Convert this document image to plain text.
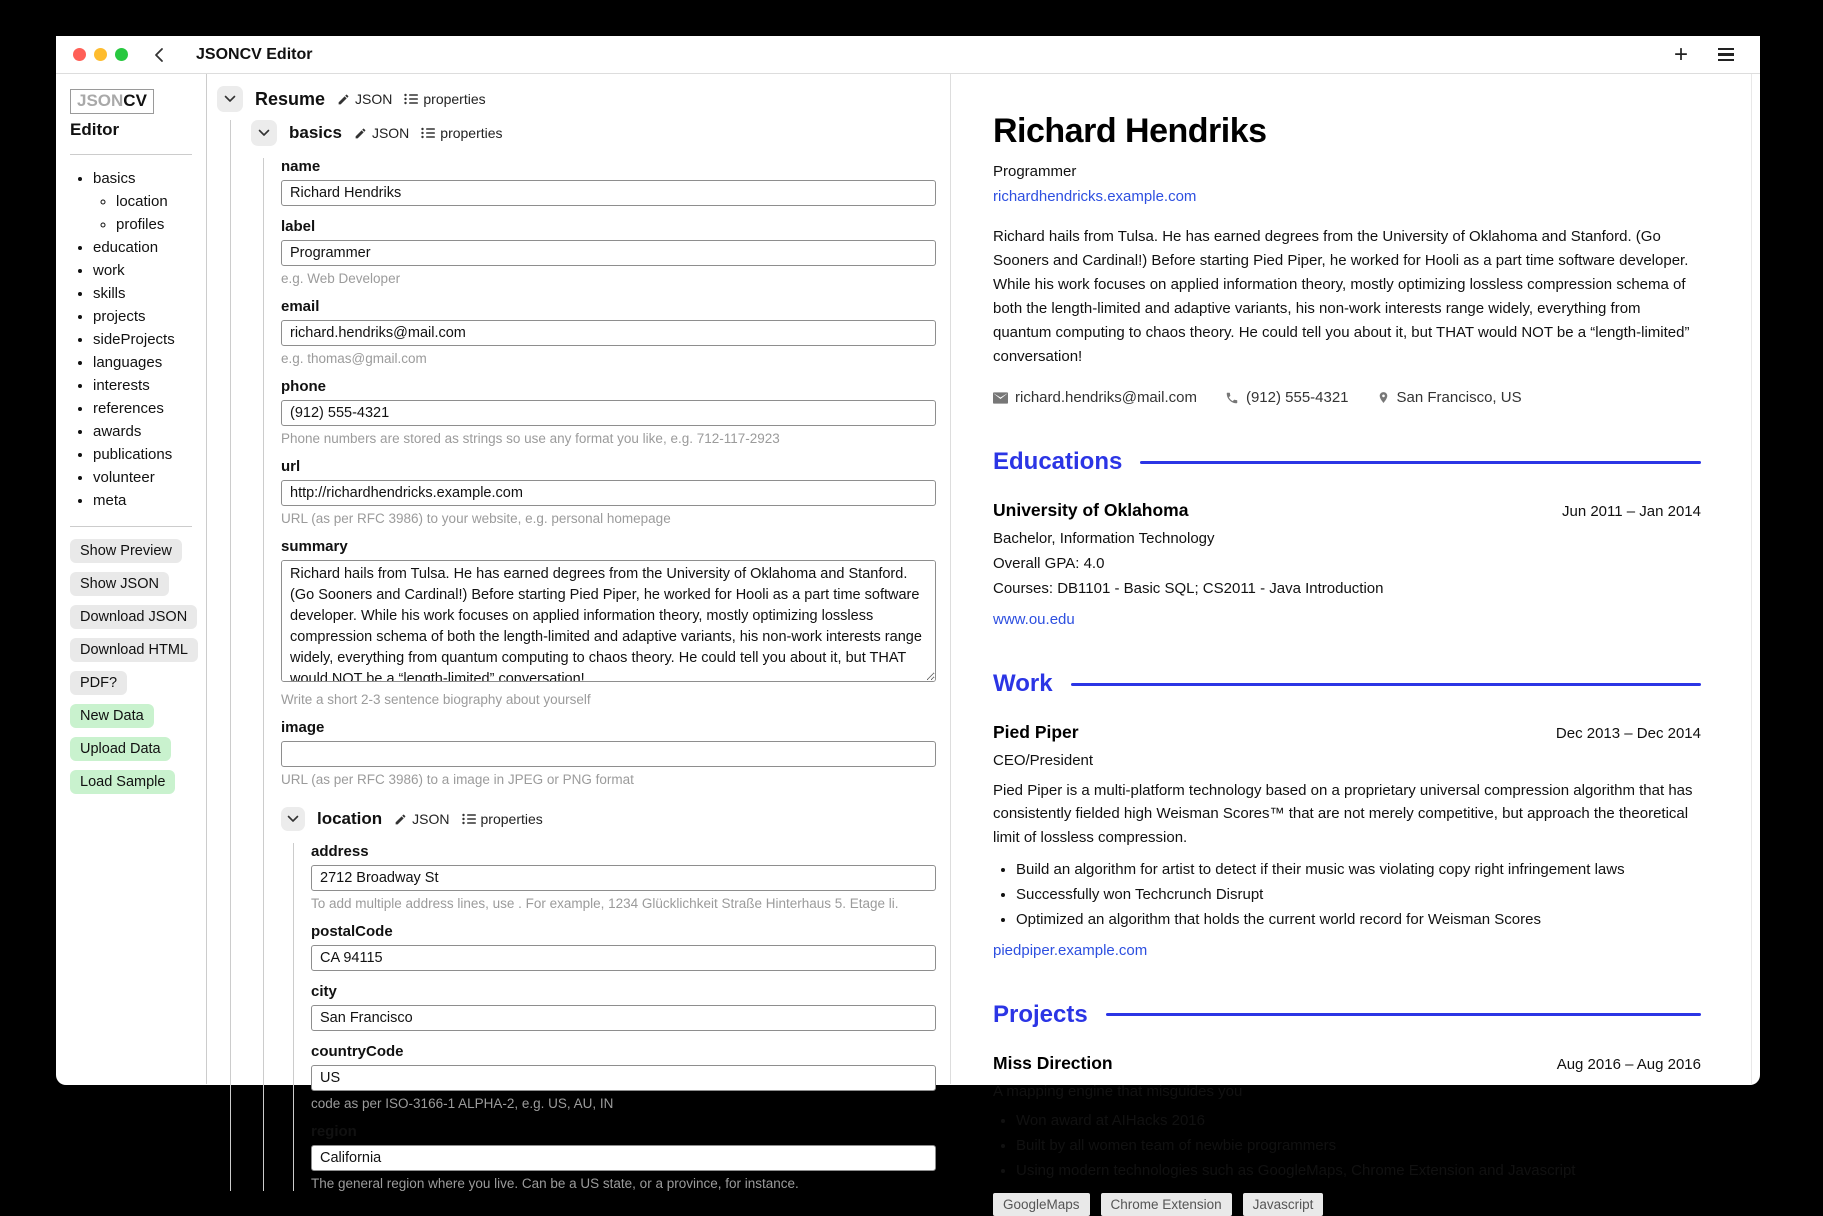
JSONCV Editor	+
JSONCV
Editor
• basics
◦ location
◦ profiles
• education
• work
• skills
• projects
• sideProjects
• languages
• interests
• references
• awards
• publications
• volunteer
• meta
Show Preview
Show JSON
Download JSON
Download HTML
PDF?
New Data
Upload Data
Load Sample
Resume JSON properties
basics JSON properties
name
Richard Hendriks
label
Programmer
e.g. Web Developer
email
richard.hendriks@mail.com
e.g. thomas@gmail.com
phone
(912) 555-4321
Phone numbers are stored as strings so use any format you like, e.g. 712-117-2923
url
http://richardhendricks.example.com
URL (as per RFC 3986) to your website, e.g. personal homepage
summary
Richard hails from Tulsa. He has earned degrees from the University of Oklahoma and Stanford. (Go Sooners and Cardinal!) Before starting Pied Piper, he worked for Hooli as a part time software developer. While his work focuses on applied information theory, mostly optimizing lossless compression schema of both the length-limited and adaptive variants, his non-work interests range widely, everything from quantum computing to chaos theory. He could tell you about it, but THAT would NOT be a “length-limited” conversation!
Write a short 2-3 sentence biography about yourself
image
URL (as per RFC 3986) to a image in JPEG or PNG format
location JSON properties
address
2712 Broadway St
To add multiple address lines, use . For example, 1234 Glücklichkeit Straße Hinterhaus 5. Etage li.
postalCode
CA 94115
city
San Francisco
countryCode
US
code as per ISO-3166-1 ALPHA-2, e.g. US, AU, IN
region
California
The general region where you live. Can be a US state, or a province, for instance.
Richard Hendriks
Programmer
richardhendricks.example.com

Richard hails from Tulsa. He has earned degrees from the University of Oklahoma and Stanford. (Go Sooners and Cardinal!) Before starting Pied Piper, he worked for Hooli as a part time software developer. While his work focuses on applied information theory, mostly optimizing lossless compression schema of both the length-limited and adaptive variants, his non-work interests range widely, everything from quantum computing to chaos theory. He could tell you about it, but THAT would NOT be a “length-limited” conversation!

richard.hendriks@mail.com	(912) 555-4321	San Francisco, US
Educations
University of Oklahoma	Jun 2011 – Jan 2014
Bachelor, Information Technology
Overall GPA: 4.0
Courses: DB1101 - Basic SQL; CS2011 - Java Introduction
www.ou.edu
Work
Pied Piper	Dec 2013 – Dec 2014
CEO/President

Pied Piper is a multi-platform technology based on a proprietary universal compression algorithm that has consistently fielded high Weisman Scores™ that are not merely competitive, but approach the theoretical limit of lossless compression.

• Build an algorithm for artist to detect if their music was violating copy right infringement laws
• Successfully won Techcrunch Disrupt
• Optimized an algorithm that holds the current world record for Weisman Scores
piedpiper.example.com
Projects
Miss Direction	Aug 2016 – Aug 2016
A mapping engine that misguides you
• Won award at AIHacks 2016
• Built by all women team of newbie programmers
• Using modern technologies such as GoogleMaps, Chrome Extension and Javascript
GoogleMaps	Chrome Extension	Javascript
